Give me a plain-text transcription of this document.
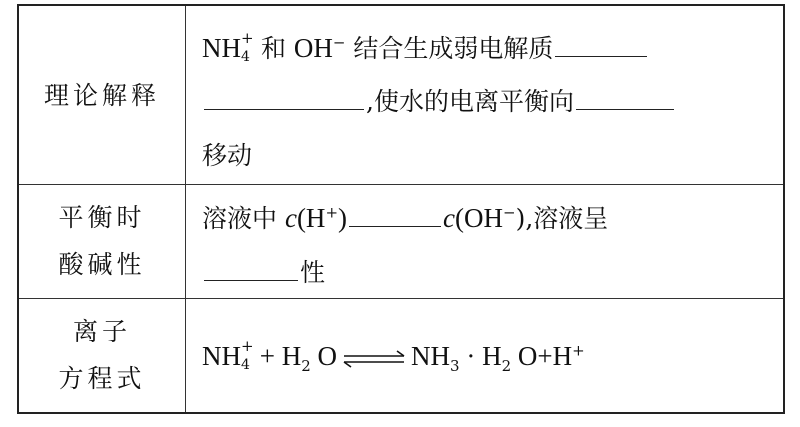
理论解释
NH +
4 和 OH− 结合生成弱电解质
,使水的电离平衡向
移动
平衡时
酸碱性
溶液中 c(H+)	c(OH−),溶液呈
性
离子
方程式
NH +
$4 + H_2$ O ⇌ $NH_3 \cdot H_2$ O+H+
